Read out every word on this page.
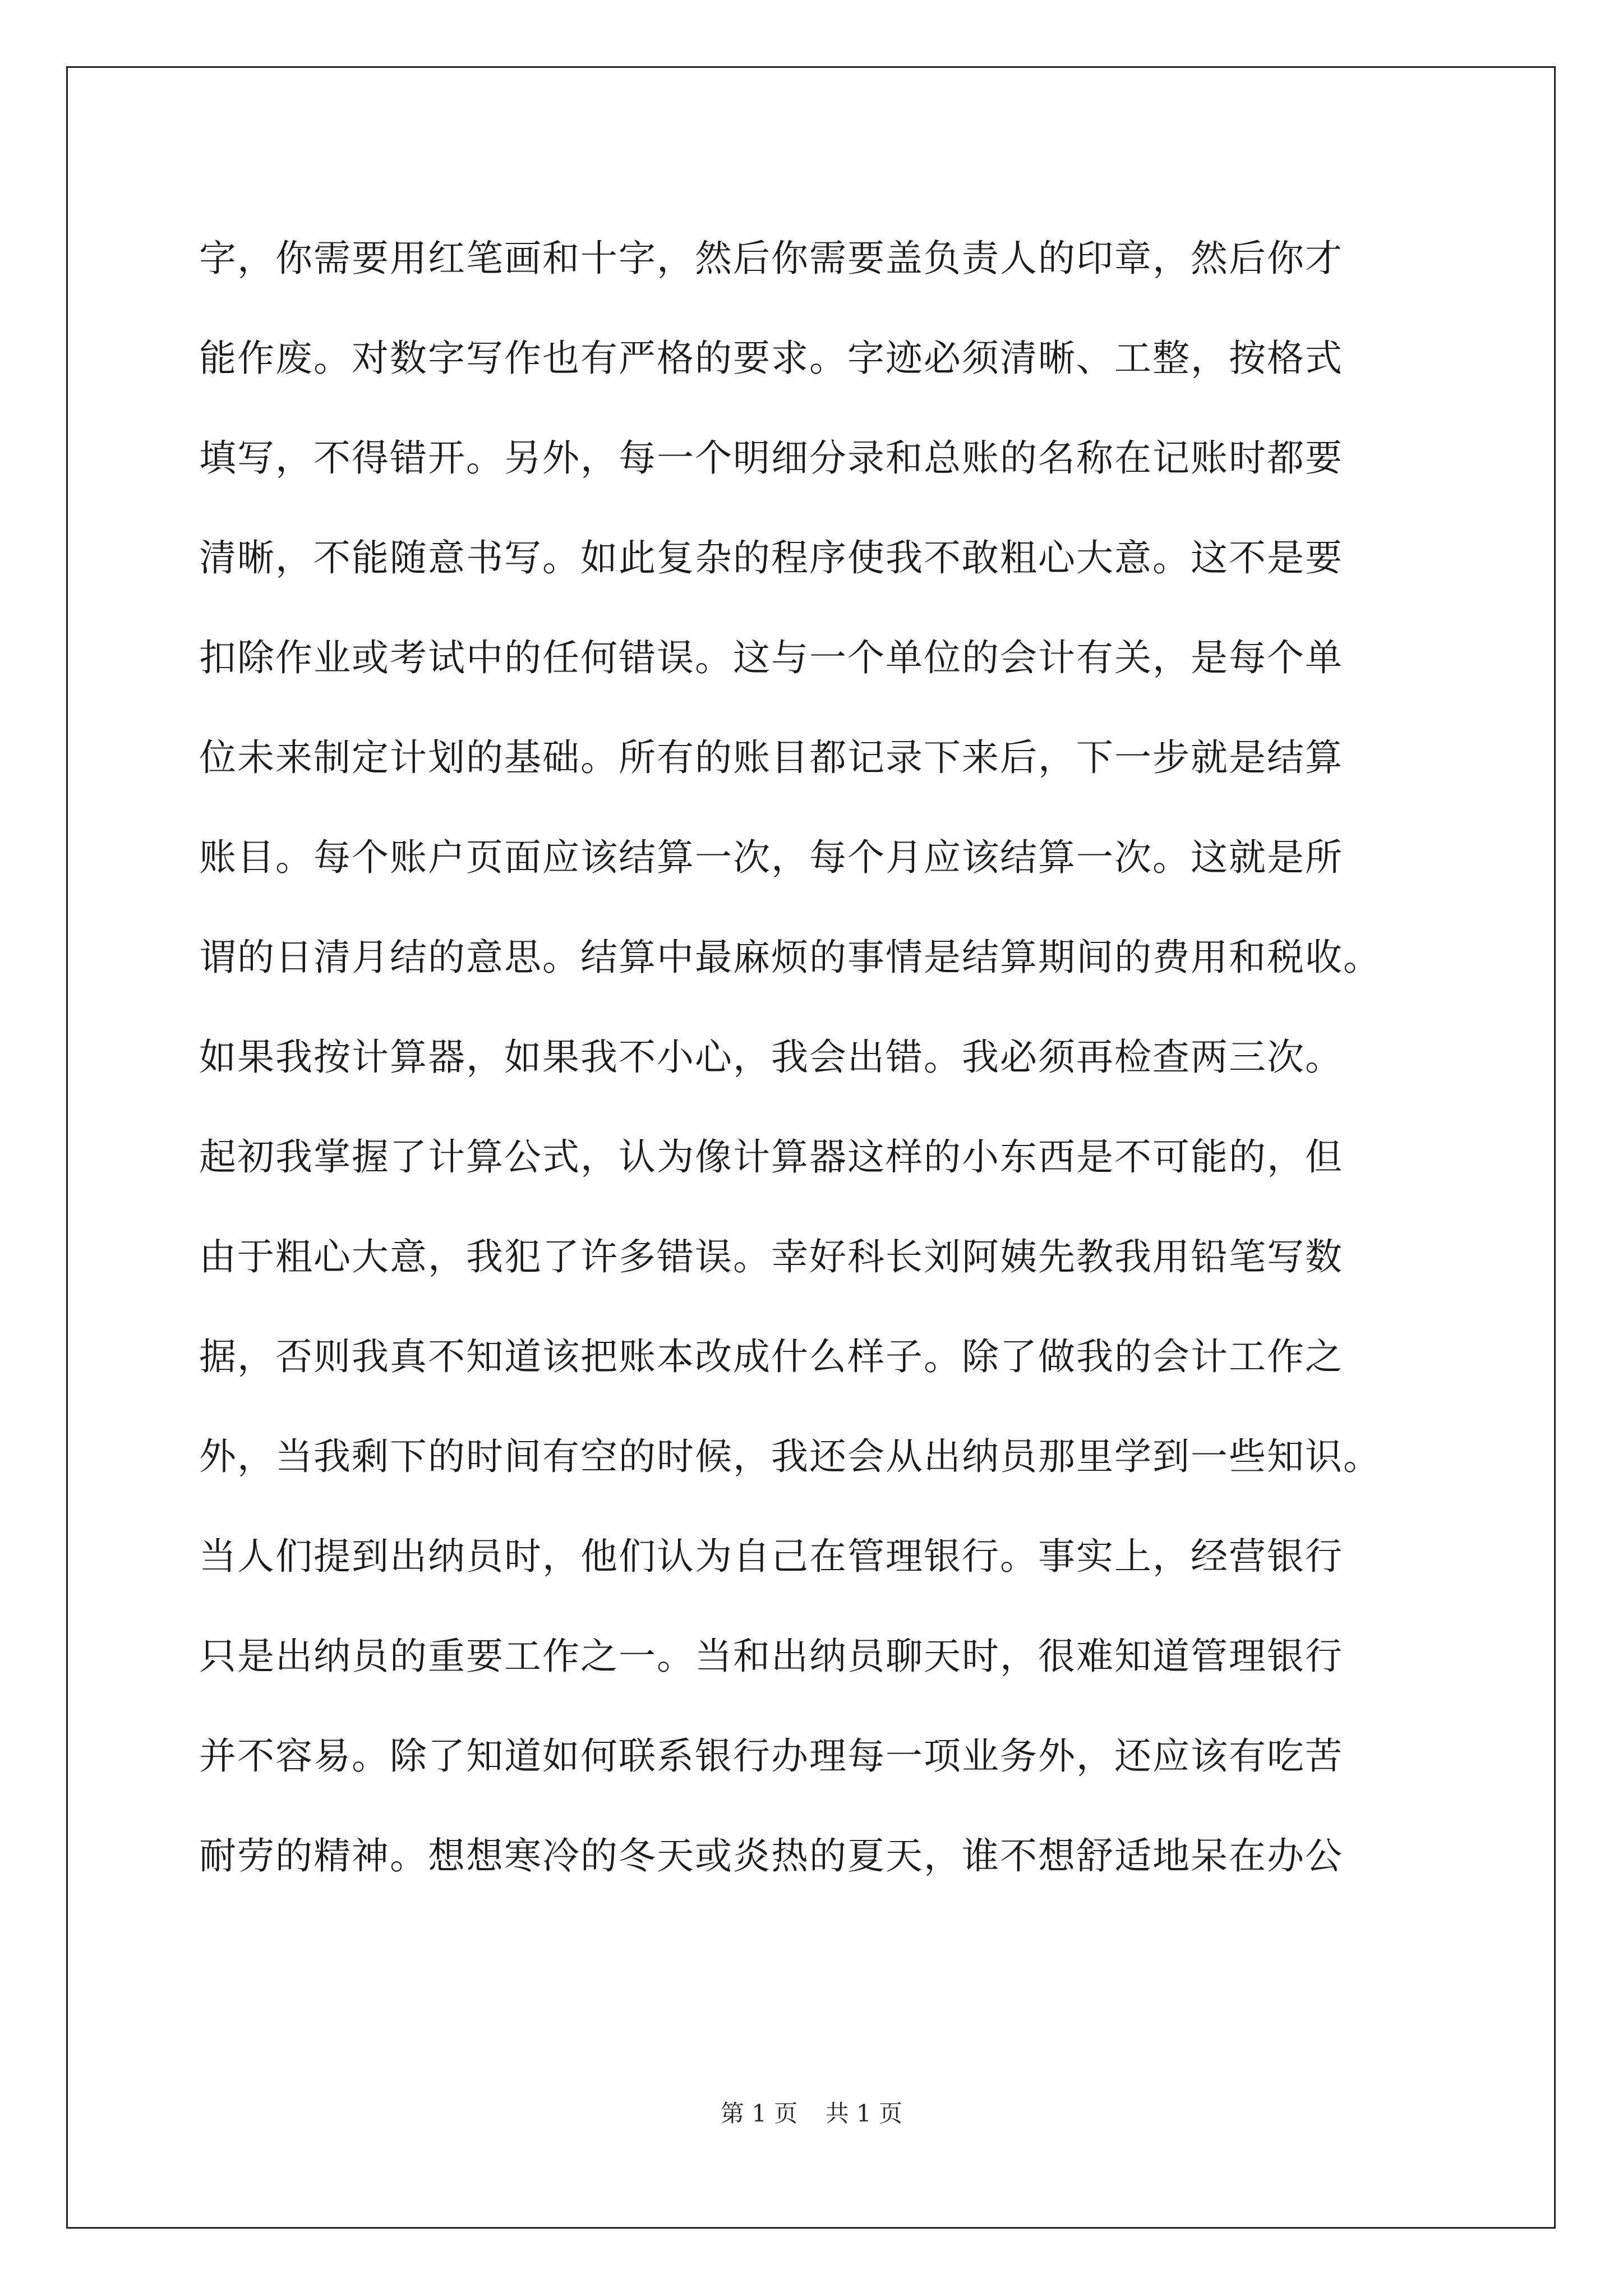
字，你需要用红笔画和十字，然后你需要盖负责人的印章，然后你才
能作废。对数字写作也有严格的要求。字迹必须清晰、工整，按格式
填写，不得错开。另外，每一个明细分录和总账的名称在记账时都要
清晰，不能随意书写。如此复杂的程序使我不敢粗心大意。这不是要
扣除作业或考试中的任何错误。这与一个单位的会计有关，是每个单
位未来制定计划的基础。所有的账目都记录下来后，下一步就是结算
账目。每个账户页面应该结算一次，每个月应该结算一次。这就是所
谓的日清月结的意思。结算中最麻烦的事情是结算期间的费用和税收。
如果我按计算器，如果我不小心，我会出错。我必须再检查两三次。
起初我掌握了计算公式，认为像计算器这样的小东西是不可能的，但
由于粗心大意，我犯了许多错误。幸好科长刘阿姨先教我用铅笔写数
据，否则我真不知道该把账本改成什么样子。除了做我的会计工作之
外，当我剩下的时间有空的时候，我还会从出纳员那里学到一些知识。
当人们提到出纳员时，他们认为自己在管理银行。事实上，经营银行
只是出纳员的重要工作之一。当和出纳员聊天时，很难知道管理银行
并不容易。除了知道如何联系银行办理每一项业务外，还应该有吃苦
耐劳的精神。想想寒冷的冬天或炎热的夏天，谁不想舒适地呆在办公
第 1 页 共 1 页
